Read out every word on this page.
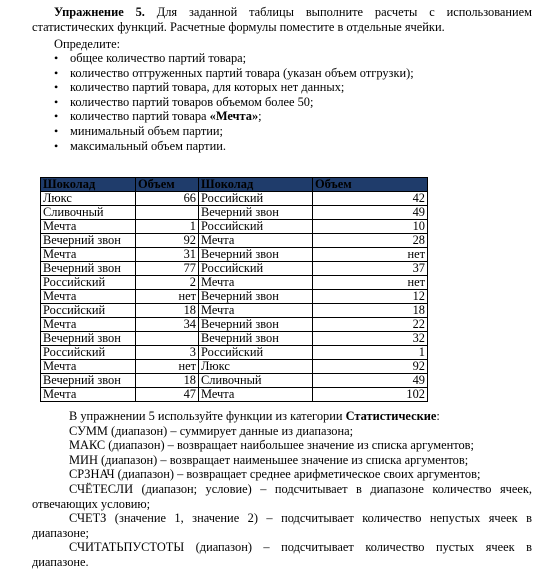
Упражнение 5. Для заданной таблицы выполните расчеты с использованием статистических функций. Расчетные формулы поместите в отдельные ячейки.

Определите:
• общее количество партий товара;
• количество отгруженных партий товара (указан объем отгрузки);
• количество партий товара, для которых нет данных;
• количество партий товаров объемом более 50;
• количество партий товара «Мечта»;
• минимальный объем партии;
• максимальный объем партии.
Шоколад	Объем	Шоколад	Объем
Люкс	66	Российский	42
Сливочный		Вечерний звон	49
Мечта	1	Российский	10
Вечерний звон	92	Мечта	28
Мечта	31	Вечерний звон	нет
Вечерний звон	77	Российский	37
Российский	2	Мечта	нет
Мечта	нет	Вечерний звон	12
Российский	18	Мечта	18
Мечта	34	Вечерний звон	22
Вечерний звон		Вечерний звон	32
Российский	3	Российский	1
Мечта	нет	Люкс	92
Вечерний звон	18	Сливочный	49
Мечта	47	Мечта	102

В упражнении 5 используйте функции из категории Статистические:

СУММ (диапазон) – суммирует данные из диапазона;

МАКС (диапазон) – возвращает наибольшее значение из списка аргументов;

МИН (диапазон) – возвращает наименьшее значение из списка аргументов;

СРЗНАЧ (диапазон) – возвращает среднее арифметическое своих аргументов;

СЧЁТЕСЛИ (диапазон; условие) – подсчитывает в диапазоне количество ячеек, отвечающих условию;

СЧЕТЗ (значение 1, значение 2) – подсчитывает количество непустых ячеек в диапазоне;

СЧИТАТЬПУСТОТЫ (диапазон) – подсчитывает количество пустых ячеек в диапазоне.
